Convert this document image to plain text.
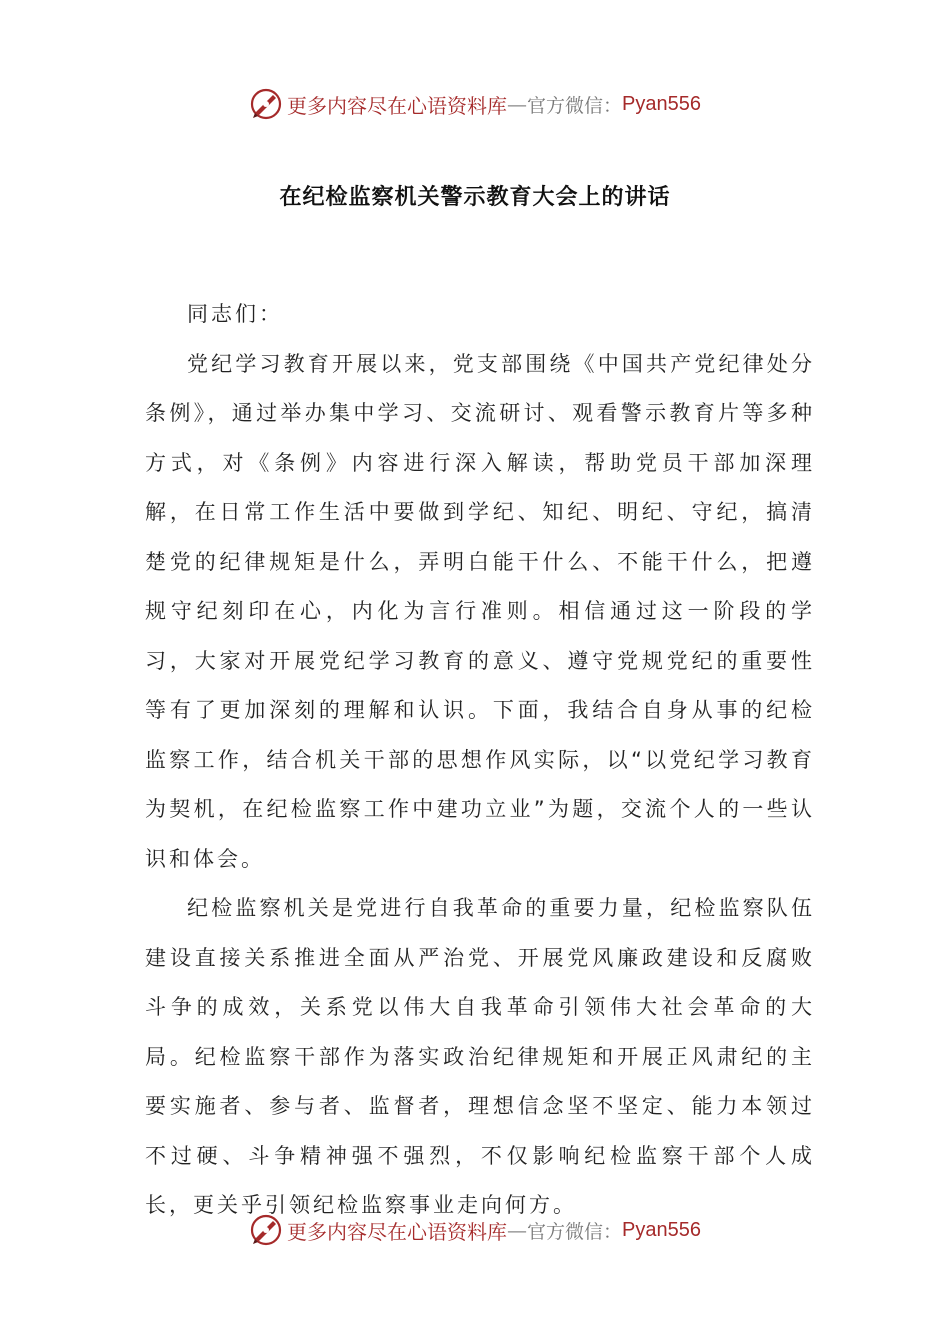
更多内容尽在心语资料库 — 官方微信： Pyan556
在纪检监察机关警示教育大会上的讲话

同志们：

党纪学习教育开展以来，党支部围绕《中国共产党纪律处分条例》，通过举办集中学习、交流研讨、观看警示教育片等多种方式，对《条例》内容进行深入解读，帮助党员干部加深理解，在日常工作生活中要做到学纪、知纪、明纪、守纪，搞清楚党的纪律规矩是什么，弄明白能干什么、不能干什么，把遵规守纪刻印在心，内化为言行准则。相信通过这一阶段的学习，大家对开展党纪学习教育的意义、遵守党规党纪的重要性等有了更加深刻的理解和认识。下面，我结合自身从事的纪检监察工作，结合机关干部的思想作风实际，以“以党纪学习教育为契机，在纪检监察工作中建功立业”为题，交流个人的一些认识和体会。

纪检监察机关是党进行自我革命的重要力量，纪检监察队伍建设直接关系推进全面从严治党、开展党风廉政建设和反腐败斗争的成效，关系党以伟大自我革命引领伟大社会革命的大局。纪检监察干部作为落实政治纪律规矩和开展正风肃纪的主要实施者、参与者、监督者，理想信念坚不坚定、能力本领过不过硬、斗争精神强不强烈，不仅影响纪检监察干部个人成长，更关乎引领纪检监察事业走向何方。

更多内容尽在心语资料库 — 官方微信： Pyan556
